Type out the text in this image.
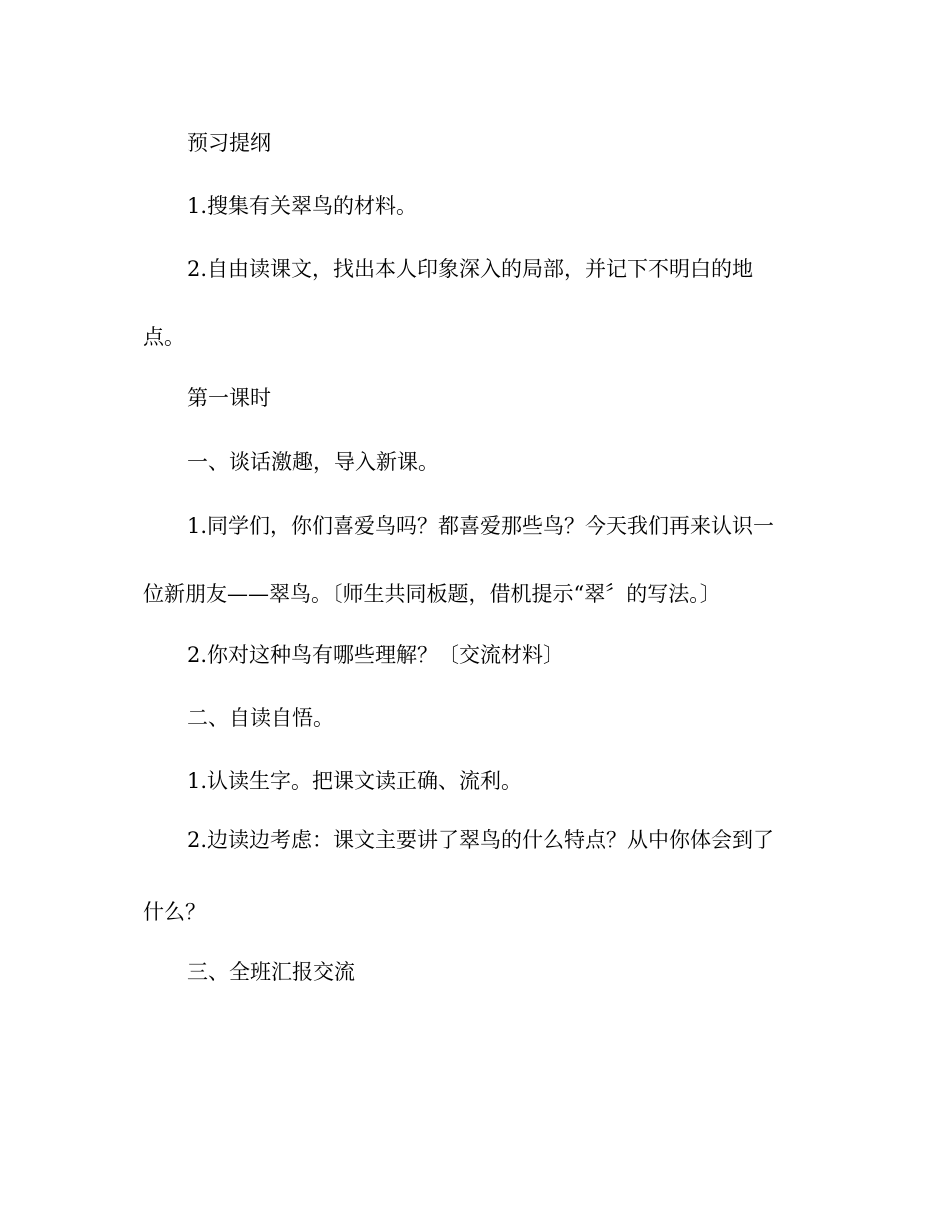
预习提纲
1.搜集有关翠鸟的材料。
2.自由读课文，找出本人印象深入的局部，并记下不明白的地
点。
第一课时
一、谈话激趣，导入新课。
1.同学们，你们喜爱鸟吗？都喜爱那些鸟？今天我们再来认识一
位新朋友——翠鸟。〔师生共同板题，借机提示“翠〞的写法。〕
2.你对这种鸟有哪些理解？〔交流材料〕
二、自读自悟。
1.认读生字。把课文读正确、流利。
2.边读边考虑：课文主要讲了翠鸟的什么特点？从中你体会到了
什么？
三、全班汇报交流
